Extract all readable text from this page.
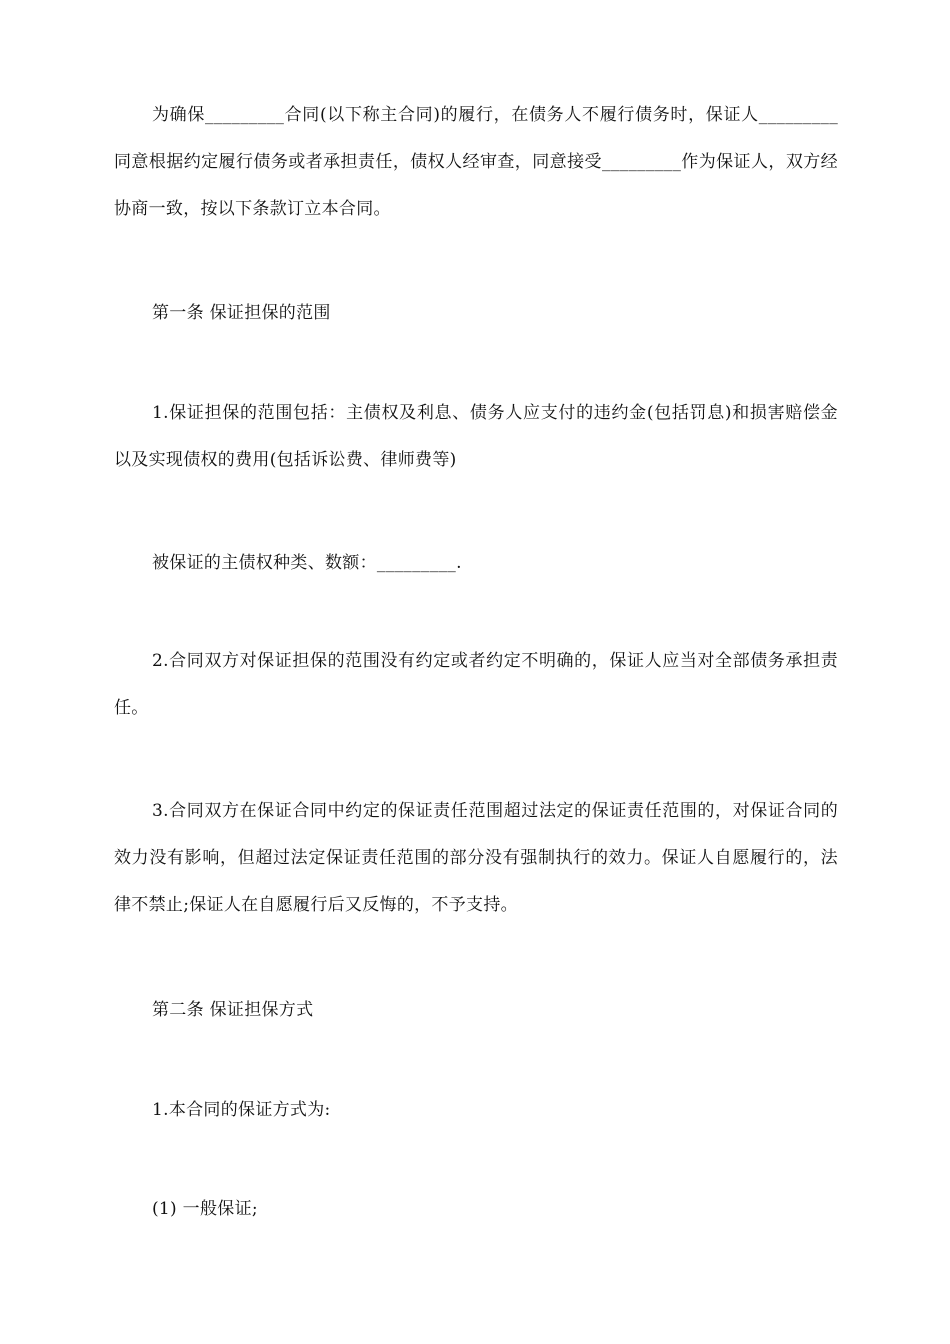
为确保_________合同(以下称主合同)的履行，在债务人不履行债务时，保证人_________同意根据约定履行债务或者承担责任，债权人经审查，同意接受_________作为保证人，双方经协商一致，按以下条款订立本合同。

第一条 保证担保的范围

1.保证担保的范围包括：主债权及利息、债务人应支付的违约金(包括罚息)和损害赔偿金以及实现债权的费用(包括诉讼费、律师费等)

被保证的主债权种类、数额：_________.

2.合同双方对保证担保的范围没有约定或者约定不明确的，保证人应当对全部债务承担责任。

3.合同双方在保证合同中约定的保证责任范围超过法定的保证责任范围的，对保证合同的效力没有影响，但超过法定保证责任范围的部分没有强制执行的效力。保证人自愿履行的，法律不禁止;保证人在自愿履行后又反悔的，不予支持。

第二条 保证担保方式

1.本合同的保证方式为:

(1) 一般保证;
